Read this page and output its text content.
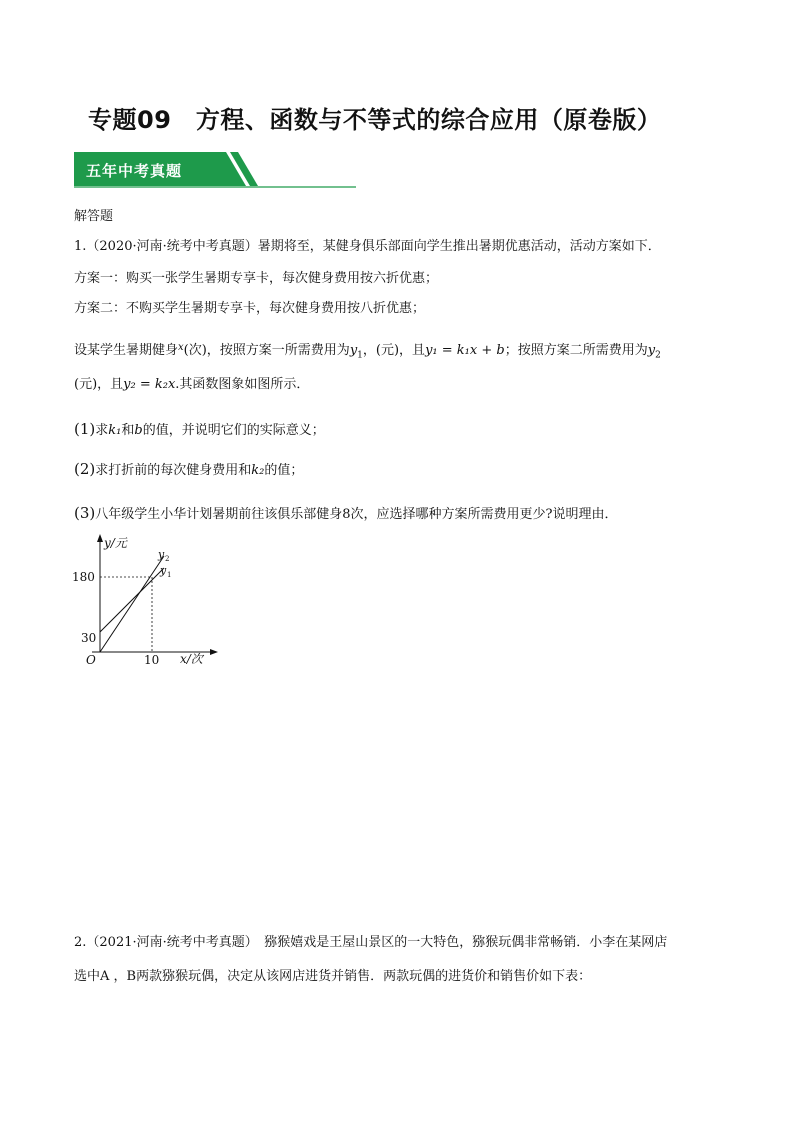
专题09　方程、函数与不等式的综合应用（原卷版）
五年中考真题
解答题
1.（2020·河南·统考中考真题）暑期将至，某健身俱乐部面向学生推出暑期优惠活动，活动方案如下．
方案一：购买一张学生暑期专享卡，每次健身费用按六折优惠；
方案二：不购买学生暑期专享卡，每次健身费用按八折优惠；
设某学生暑期健身$^x$(次)，按照方案一所需费用为$y_1$，(元)，且y₁ = k₁x + b；按照方案二所需费用为$y_2$
(元)，且y₂ = k₂x.其函数图象如图所示．
(1)求k₁和b的值，并说明它们的实际意义；
(2)求打折前的每次健身费用和k₂的值；
(3)八年级学生小华计划暑期前往该俱乐部健身8次，应选择哪种方案所需费用更少?说明理由．
y/元
x/次
O
180
30
10
y 2
y 1
2.（2021·河南·统考中考真题）　猕猴嬉戏是王屋山景区的一大特色，猕猴玩偶非常畅销．小李在某网店
选中A ，B两款猕猴玩偶，决定从该网店进货并销售．两款玩偶的进货价和销售价如下表：
